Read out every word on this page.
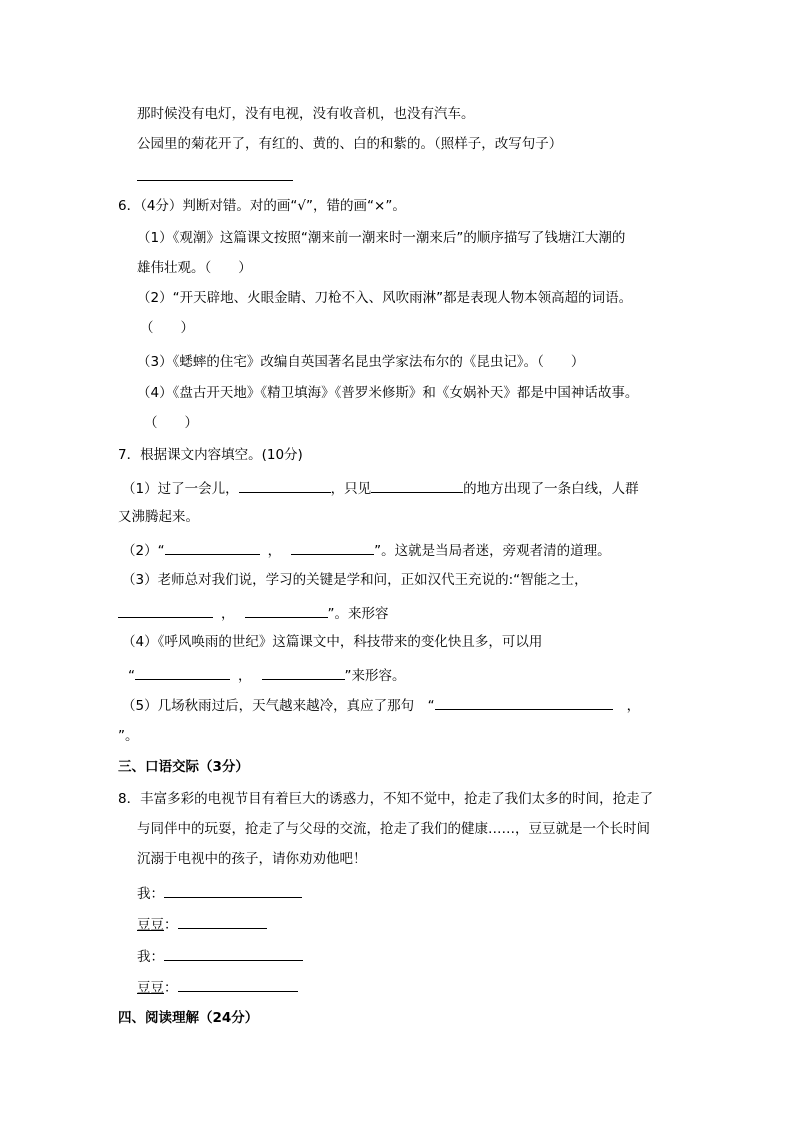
那时候没有电灯，没有电视，没有收音机，也没有汽车。
公园里的菊花开了，有红的、黄的、白的和紫的。（照样子，改写句子）
6．（4分）判断对错。对的画“√”，错的画“×”。
（1）《观潮》这篇课文按照“潮来前一潮来时一潮来后”的顺序描写了钱塘江大潮的
雄伟壮观。（　　）
（2）“开天辟地、火眼金睛、刀枪不入、风吹雨淋”都是表现人物本领高超的词语。
（　　）
（3）《蟋蟀的住宅》改编自英国著名昆虫学家法布尔的《昆虫记》。（　　）
（4）《盘古开天地》《精卫填海》《普罗米修斯》和《女娲补天》都是中国神话故事。
（　　）
7．根据课文内容填空。(10分)
（1）过了一会儿，	，只见	的地方出现了一条白线，人群
又沸腾起来。
（2）“	，	”。这就是当局者迷，旁观者清的道理。
（3）老师总对我们说，学习的关键是学和问，正如汉代王充说的:“智能之士，
，	”。来形容
（4）《呼风唤雨的世纪》这篇课文中，科技带来的变化快且多，可以用
“	，	”来形容。
（5）几场秋雨过后，天气越来越冷，真应了那句　“	，
”。
三、口语交际（3分）
8．丰富多彩的电视节目有着巨大的诱惑力，不知不觉中，抢走了我们太多的时间，抢走了
与同伴中的玩耍，抢走了与父母的交流，抢走了我们的健康……，豆豆就是一个长时间
沉溺于电视中的孩子，请你劝劝他吧！
我：
豆豆：
我：
豆豆：
四、阅读理解（24分）
